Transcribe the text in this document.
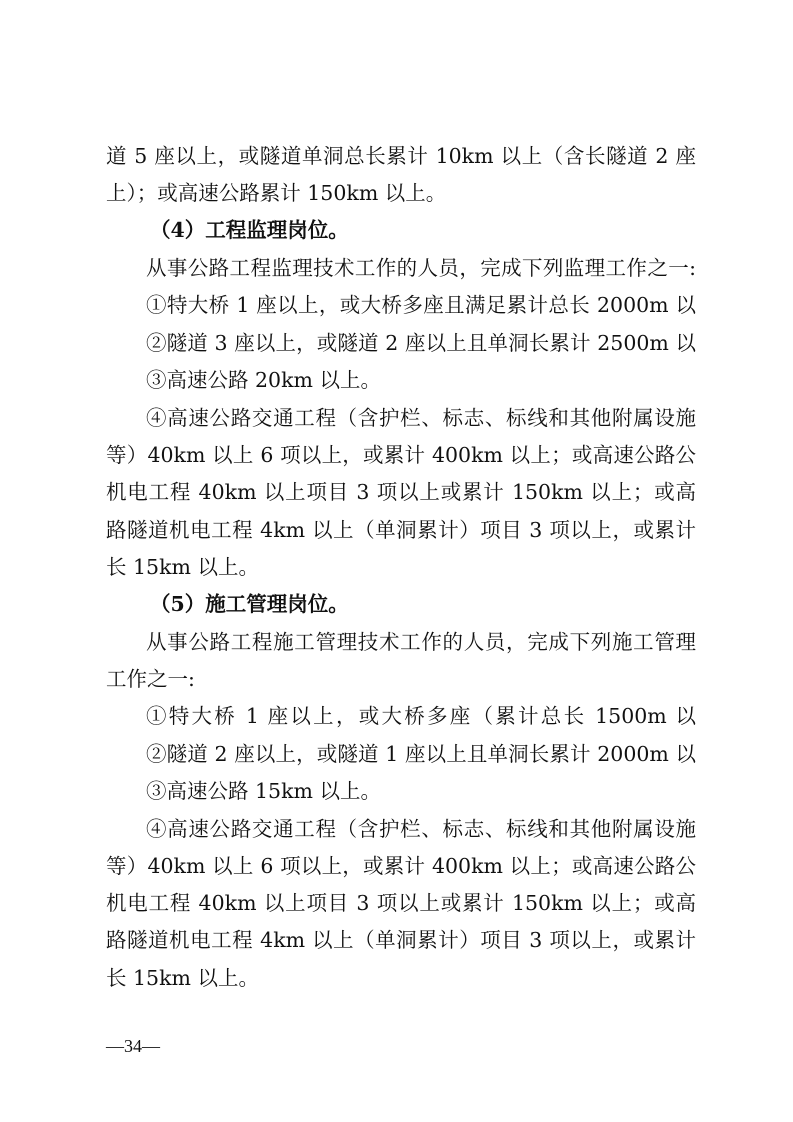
道 5 座以上，或隧道单洞总长累计 10km 以上（含长隧道 2 座
上）；或高速公路累计 150km 以上。
（4）工程监理岗位。
从事公路工程监理技术工作的人员，完成下列监理工作之一:
①特大桥 1 座以上，或大桥多座且满足累计总长 2000m 以
②隧道 3 座以上，或隧道 2 座以上且单洞长累计 2500m 以
③高速公路 20km 以上。
④高速公路交通工程（含护栏、标志、标线和其他附属设施
等）40km 以上 6 项以上，或累计 400km 以上；或高速公路公
机电工程 40km 以上项目 3 项以上或累计 150km 以上；或高
路隧道机电工程 4km 以上（单洞累计）项目 3 项以上，或累计
长 15km 以上。
（5）施工管理岗位。
从事公路工程施工管理技术工作的人员，完成下列施工管理
工作之一:
①特大桥 1 座以上，或大桥多座（累计总长 1500m 以
②隧道 2 座以上，或隧道 1 座以上且单洞长累计 2000m 以
③高速公路 15km 以上。
④高速公路交通工程（含护栏、标志、标线和其他附属设施
等）40km 以上 6 项以上，或累计 400km 以上；或高速公路公
机电工程 40km 以上项目 3 项以上或累计 150km 以上；或高
路隧道机电工程 4km 以上（单洞累计）项目 3 项以上，或累计
长 15km 以上。
—34—
